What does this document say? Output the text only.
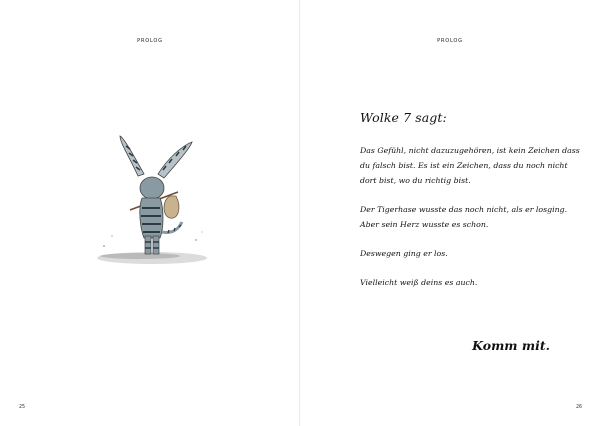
PROLOG
25
PROLOG
Wolke 7 sagt:

Das Gefühl, nicht dazuzugehören, ist kein Zeichen dass du falsch bist. Es ist ein Zeichen, dass du noch nicht dort bist, wo du richtig bist.

Der Tigerhase wusste das noch nicht, als er losging. Aber sein Herz wusste es schon.

Deswegen ging er los.

Vielleicht weiß deins es auch.

Komm mit.
26
